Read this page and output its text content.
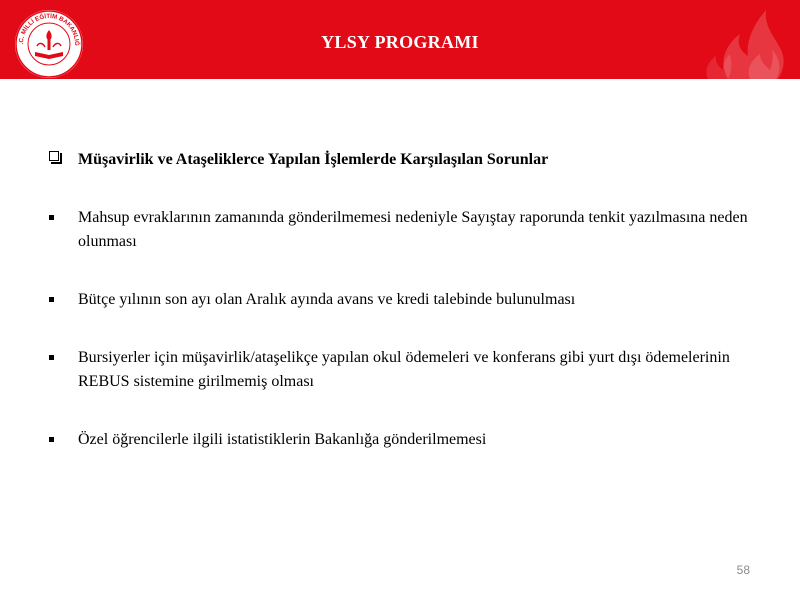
.C. MİLLİ EĞİTİM BAKANLIĞ	YLSY PROGRAMI
Müşavirlik ve Ataşeliklerce Yapılan İşlemlerde Karşılaşılan Sorunlar
Mahsup evraklarının zamanında gönderilmemesi nedeniyle Sayıştay raporunda tenkit yazılmasına neden olunması
Bütçe yılının son ayı olan Aralık ayında avans ve kredi talebinde bulunulması
Bursiyerler için müşavirlik/ataşelikçe yapılan okul ödemeleri ve konferans gibi yurt dışı ödemelerinin REBUS sistemine girilmemiş olması
Özel öğrencilerle ilgili istatistiklerin Bakanlığa gönderilmemesi
58
